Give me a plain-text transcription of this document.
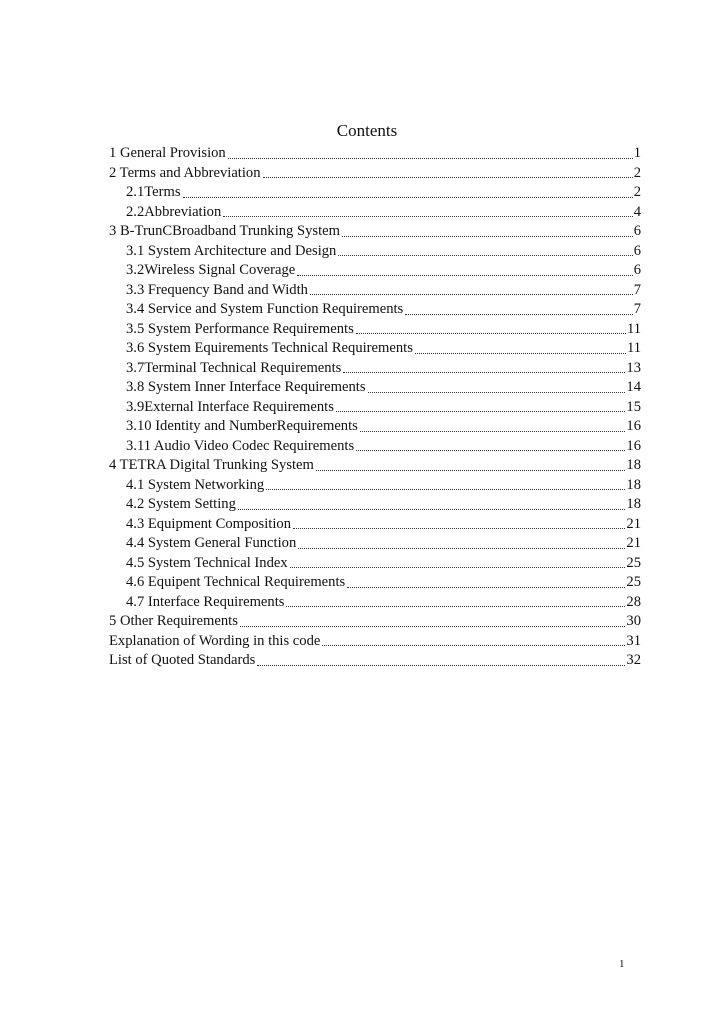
Contents
1 General Provision	1
2 Terms and Abbreviation	2
2.1Terms	2
2.2Abbreviation	4
3 B-TrunCBroadband Trunking System	6
3.1 System Architecture and Design	6
3.2Wireless Signal Coverage	6
3.3 Frequency Band and Width	7
3.4 Service and System Function Requirements	7
3.5 System Performance Requirements	11
3.6 System Equirements Technical Requirements	11
3.7Terminal Technical Requirements	13
3.8 System Inner Interface Requirements	14
3.9External Interface Requirements	15
3.10 Identity and NumberRequirements	16
3.11 Audio Video Codec Requirements	16
4 TETRA Digital Trunking System	18
4.1 System Networking	18
4.2 System Setting	18
4.3 Equipment Composition	21
4.4 System General Function	21
4.5 System Technical Index	25
4.6 Equipent Technical Requirements	25
4.7 Interface Requirements	28
5 Other Requirements	30
Explanation of Wording in this code	31
List of Quoted Standards	32
1
